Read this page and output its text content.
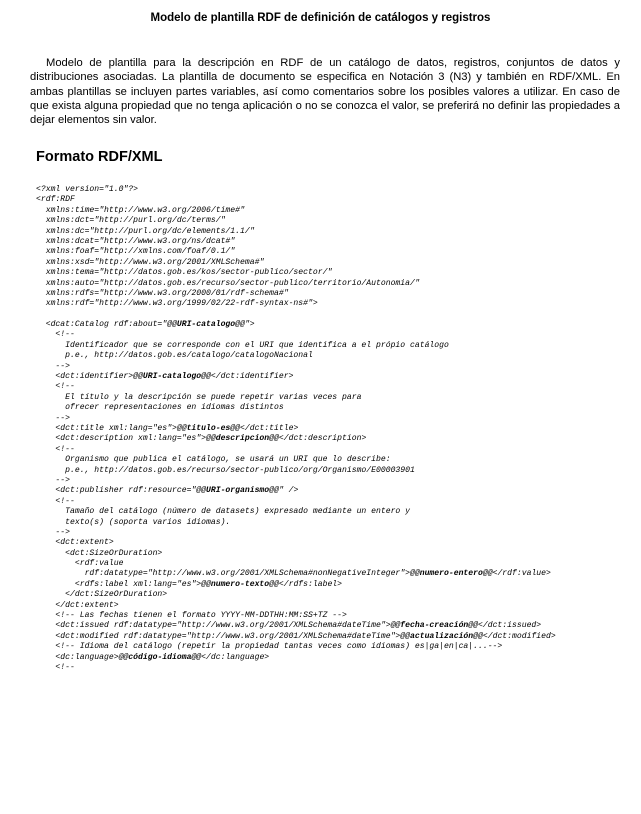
Modelo de plantilla RDF de definición de catálogos y registros

Modelo de plantilla para la descripción en RDF de un catálogo de datos, registros, conjuntos de datos y distribuciones asociadas. La plantilla de documento se especifica en Notación 3 (N3) y también en RDF/XML. En ambas plantillas se incluyen partes variables, así como comentarios sobre los posibles valores a utilizar. En caso de que exista alguna propiedad que no tenga aplicación o no se conozca el valor, se preferirá no definir las propiedades a dejar elementos sin valor.

Formato RDF/XML
<?xml version="1.0"?>
<rdf:RDF
xmlns:time="http://www.w3.org/2006/time#"
xmlns:dct="http://purl.org/dc/terms/"
xmlns:dc="http://purl.org/dc/elements/1.1/"
xmlns:dcat="http://www.w3.org/ns/dcat#"
xmlns:foaf="http://xmlns.com/foaf/0.1/"
xmlns:xsd="http://www.w3.org/2001/XMLSchema#"
xmlns:tema="http://datos.gob.es/kos/sector-publico/sector/"
xmlns:auto="http://datos.gob.es/recurso/sector-publico/territorio/Autonomia/"
xmlns:rdfs="http://www.w3.org/2000/01/rdf-schema#"
xmlns:rdf="http://www.w3.org/1999/02/22-rdf-syntax-ns#">
<dcat:Catalog rdf:about="@@URI-catalogo@@">
<!--
Identificador que se corresponde con el URI que identifica a el própio catálogo
p.e., http://datos.gob.es/catalogo/catalogoNacional
-->
<dct:identifier>@@URI-catalogo@@</dct:identifier>
<!--
El título y la descripción se puede repetir varias veces para
ofrecer representaciones en idiomas distintos
-->
<dct:title xml:lang="es">@@titulo-es@@</dct:title>
<dct:description xml:lang="es">@@descripcion@@</dct:description>
<!--
Organismo que publica el catálogo, se usará un URI que lo describe:
p.e., http://datos.gob.es/recurso/sector-publico/org/Organismo/E00003901
-->
<dct:publisher rdf:resource="@@URI-organismo@@" />
<!--
Tamaño del catálogo (número de datasets) expresado mediante un entero y
texto(s) (soporta varios idiomas).
-->
<dct:extent>
<dct:SizeOrDuration>
<rdf:value
rdf:datatype="http://www.w3.org/2001/XMLSchema#nonNegativeInteger">@@numero-entero@@</rdf:value>
<rdfs:label xml:lang="es">@@numero-texto@@</rdfs:label>
</dct:SizeOrDuration>
</dct:extent>
<!-- Las fechas tienen el formato YYYY-MM-DDTHH:MM:SS+TZ -->
<dct:issued rdf:datatype="http://www.w3.org/2001/XMLSchema#dateTime">@@fecha-creación@@</dct:issued>
<dct:modified rdf:datatype="http://www.w3.org/2001/XMLSchema#dateTime">@@actualización@@</dct:modified>
<!-- Idioma del catálogo (repetir la propiedad tantas veces como idiomas) es|ga|en|ca|...-->
<dc:language>@@código-idioma@@</dc:language>
<!--
